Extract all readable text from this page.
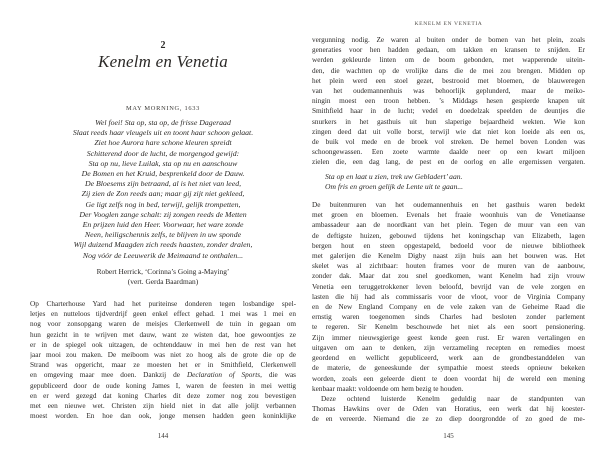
2
Kenelm en Venetia
MAY MORNING, 1633
Wel foei! Sta op, sta op, de frisse Dageraad
Slaat reeds haar vleugels uit en toont haar schoon gelaat.
Ziet hoe Aurora hare schone kleuren spreidt
Schitterend door de lucht, de morgengod gewijd:
Sta op nu, lieve Luilak, sta op nu en aanschouw
De Bomen en het Kruid, besprenkeld door de Dauw.
De Bloesems zijn betraand, al is het niet van leed,
Zij zien de Zon reeds aan; maar gij zijt niet gekleed,
Ge ligt zelfs nog in bed, terwijl, gelijk trompetten,
Der Vooglen zange schalt: zij zongen reeds de Metten
En prijzen luid den Heer. Voorwaar, het ware zonde
Neen, heiligschennis zelfs, te blijven in uw sponde
Wijl duizend Maagden zich reeds haasten, zonder dralen,
Nog vóór de Leeuwerik de Meimaand te onthalen...
Robert Herrick, ‘Corinna’s Going a-Maying’
(vert. Gerda Baardman)
Op Charterhouse Yard had het puriteinse donderen tegen losbandige spel-
letjes en nutteloos tijdverdrijf geen enkel effect gehad. 1 mei was 1 mei en
nog voor zonsopgang waren de meisjes Clerkenwell de tuin in gegaan om
hun gezicht in te wrijven met dauw, want ze wisten dat, hoe gewoontjes ze
er in de spiegel ook uitzagen, de ochtenddauw in mei hen de rest van het
jaar mooi zou maken. De meiboom was niet zo hoog als de grote die op de
Strand was opgericht, maar ze moesten het er in Smithfield, Clerkenwell
en omgeving maar mee doen. Dankzij de Declaration of Sports, die was
gepubliceerd door de oude koning James I, waren de feesten in mei wettig
en er werd gezegd dat koning Charles dit deze zomer nog zou bevestigen
met een nieuwe wet. Christen zijn hield niet in dat alle jolijt verbannen
moest worden. En hoe dan ook, jonge mensen hadden geen koninklijke
144
KENELM EN VENETIA
vergunning nodig. Ze waren al buiten onder de bomen van het plein, zoals
generaties voor hen hadden gedaan, om takken en kransen te snijden. Er
werden gekleurde linten om de boom gebonden, met wapperende uitein-
den, die wachtten op de vrolijke dans die de mei zou brengen. Midden op
het plein werd een stoel gezet, bestrooid met bloemen, de blauweregen
van het oudemannenhuis was behoorlijk geplunderd, maar de meiko-
ningin moest een troon hebben. ’s Middags hesen gespierde knapen uit
Smithfield haar in de lucht; vedel en doedelzak speelden de deuntjes die
snurkers in het gasthuis uit hun slaperige bejaardheid wekten. Wie kon
zingen deed dat uit volle borst, terwijl wie dat niet kon loeide als een os,
de buik vol mede en de broek vol streken. De hemel boven Londen was
schoongewassen. Een zoete warmte daalde neer op een kwart miljoen
zielen die, een dag lang, de pest en de oorlog en alle ergernissen vergaten.
Sta op en laat u zien, trek uw Gebladert’ aan.
Om fris en groen gelijk de Lente uit te gaan...
De buitenmuren van het oudemannenhuis en het gasthuis waren bedekt
met groen en bloemen. Evenals het fraaie woonhuis van de Venetiaanse
ambassadeur aan de noordkant van het plein. Tegen de muur van een van
de deftigste huizen, gebouwd tijdens het koningschap van Elizabeth, lagen
bergen hout en steen opgestapeld, bedoeld voor de nieuwe bibliotheek
met galerijen die Kenelm Digby naast zijn huis aan het bouwen was. Het
skelet was al zichtbaar: houten frames voor de muren van de aanbouw,
zonder dak. Maar dat zou snel goedkomen, want Kenelm had zijn vrouw
Venetia een teruggetrokkener leven beloofd, bevrijd van de vele zorgen en
lasten die hij had als commissaris voor de vloot, voor de Virginia Company
en de New England Company en de vele zaken van de Geheime Raad die
ernstig waren toegenomen sinds Charles had besloten zonder parlement
te regeren. Sir Kenelm beschouwde het niet als een soort pensionering.
Zijn immer nieuwsgierige geest kende geen rust. Er waren vertalingen en
uitgaven om aan te denken, zijn verzameling recepten en remedies moest
geordend en wellicht gepubliceerd, werk aan de grondbestanddelen van
de materie, de geneeskunde der sympathie moest steeds opnieuw bekeken
worden, zoals een geleerde dient te doen voordat hij de wereld een mening
kenbaar maakt: voldoende om hem bezig te houden.
Deze ochtend luisterde Kenelm geduldig naar de standpunten van
Thomas Hawkins over de Oden van Horatius, een werk dat hij koester-
de en vereerde. Niemand die ze zo diep doorgrondde of zo goed de me-
145
